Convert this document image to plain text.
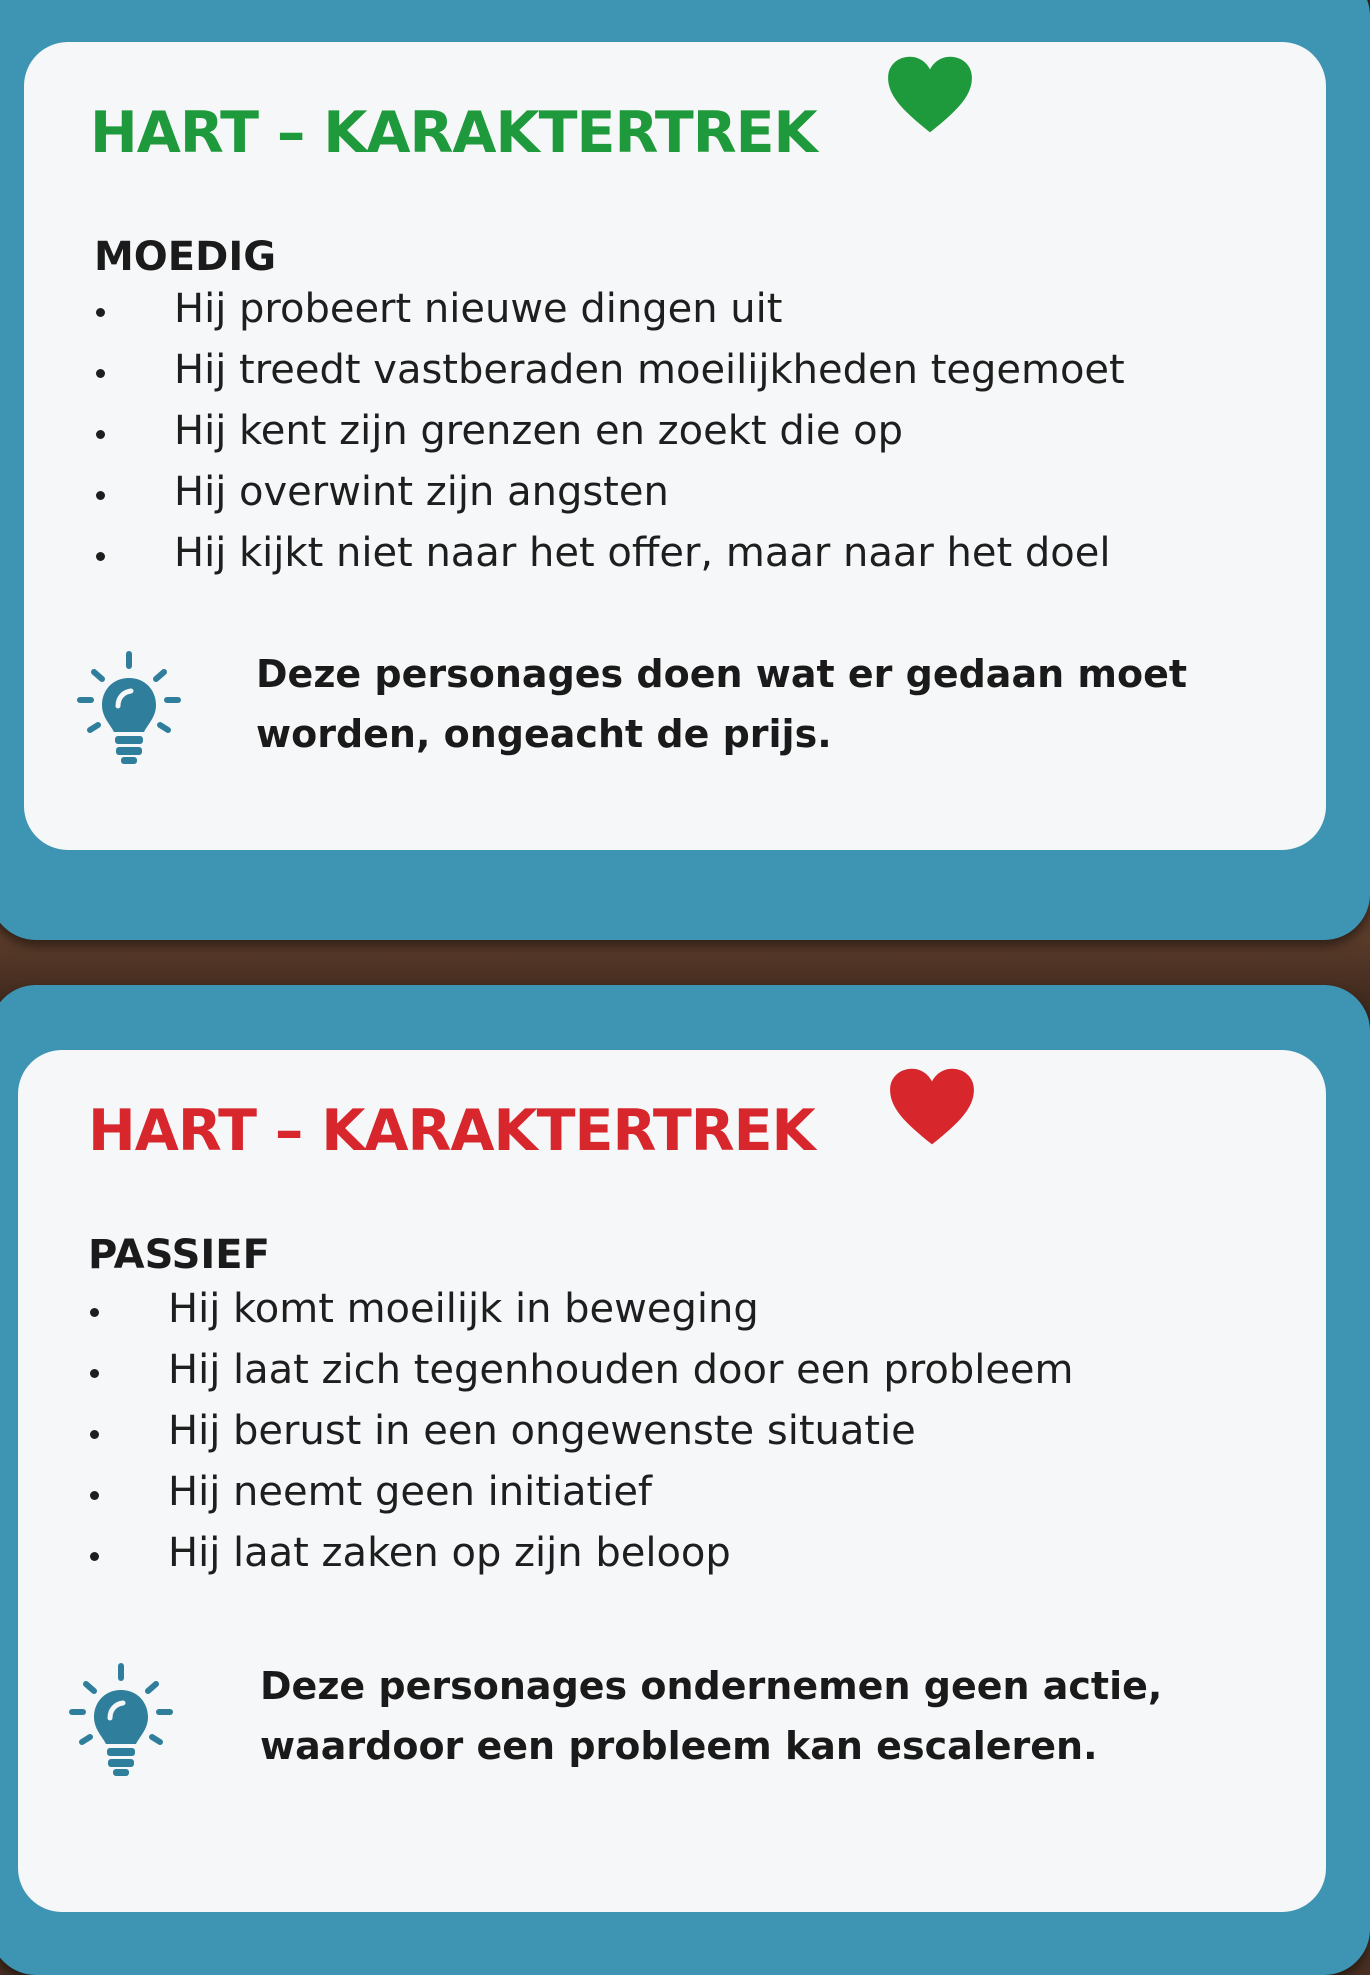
HART – KARAKTERTREK
MOEDIG
Hij probeert nieuwe dingen uit
Hij treedt vastberaden moeilijkheden tegemoet
Hij kent zijn grenzen en zoekt die op
Hij overwint zijn angsten
Hij kijkt niet naar het offer, maar naar het doel

Deze personages doen wat er gedaan moet
worden, ongeacht de prijs.

HART – KARAKTERTREK
PASSIEF
Hij komt moeilijk in beweging
Hij laat zich tegenhouden door een probleem
Hij berust in een ongewenste situatie
Hij neemt geen initiatief
Hij laat zaken op zijn beloop

Deze personages ondernemen geen actie,
waardoor een probleem kan escaleren.
